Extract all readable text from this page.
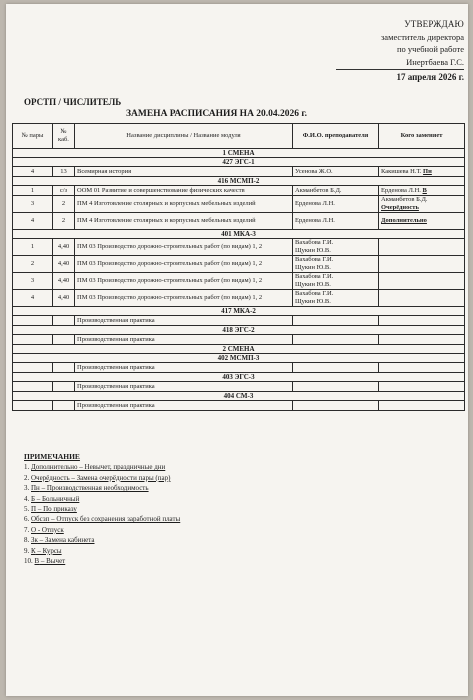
УТВЕРЖДАЮ
заместитель директора
по учебной работе
Инертбаева Г.С.
17 апреля 2026 г.
ОРСТП / ЧИСЛИТЕЛЬ
ЗАМЕНА РАСПИСАНИЯ НА 20.04.2026 г.
№ пары	№ каб.	Название дисциплины / Название модуля	Ф.И.О. преподавателя	Кого заменяет
1 СМЕНА				
427 ЭГС-1				
4	13	Всемирная история	Усенова Ж.О.	Какишева Н.Т. Пн
416 МСМП-2				
1	с/з	ООМ 01 Развитие и совершенствование физических качеств	Акманбетов Б.Д.	Ерденова Л.Н. В
3	2	ПМ 4 Изготовление столярных и корпусных мебельных изделий	Ерденова Л.Н.	Акманбетов Б.Д.
Очерёдность

4	2	ПМ 4 Изготовление столярных и корпусных мебельных изделий	Ерденова Л.Н.	Дополнительно
401 МКА-3				
1	4,40	ПМ 03 Производство дорожно-строительных работ (по видам) 1, 2	Вахабова Г.И.
Щукин Ю.В.	

2	4,40	ПМ 03 Производство дорожно-строительных работ (по видам) 1, 2	Вахабова Г.И.
Щукин Ю.В.	

3	4,40	ПМ 03 Производство дорожно-строительных работ (по видам) 1, 2	Вахабова Г.И.
Щукин Ю.В.	

4	4,40	ПМ 03 Производство дорожно-строительных работ (по видам) 1, 2	Вахабова Г.И.
Щукин Ю.В.	

417 МКА-2				
		Производственная практика		
418 ЭГС-2				
		Производственная практика		
2 СМЕНА				
402 МСМП-3				
		Производственная практика		
403 ЭГС-3				
		Производственная практика		
404 СМ-3				
		Производственная практика		
ПРИМЕЧАНИЕ
1. Дополнительно – Невычет, праздничные дни
2. Очерёдность – Замена очерёдности пары (пар)
3. Пн – Производственная необходимость
4. Б – Больничный
5. П – По приказу
6. Обсзп – Отпуск без сохранения заработной платы
7. О - Отпуск
8. Зк – Замена кабинета
9. К – Курсы
10. В – Вычет
